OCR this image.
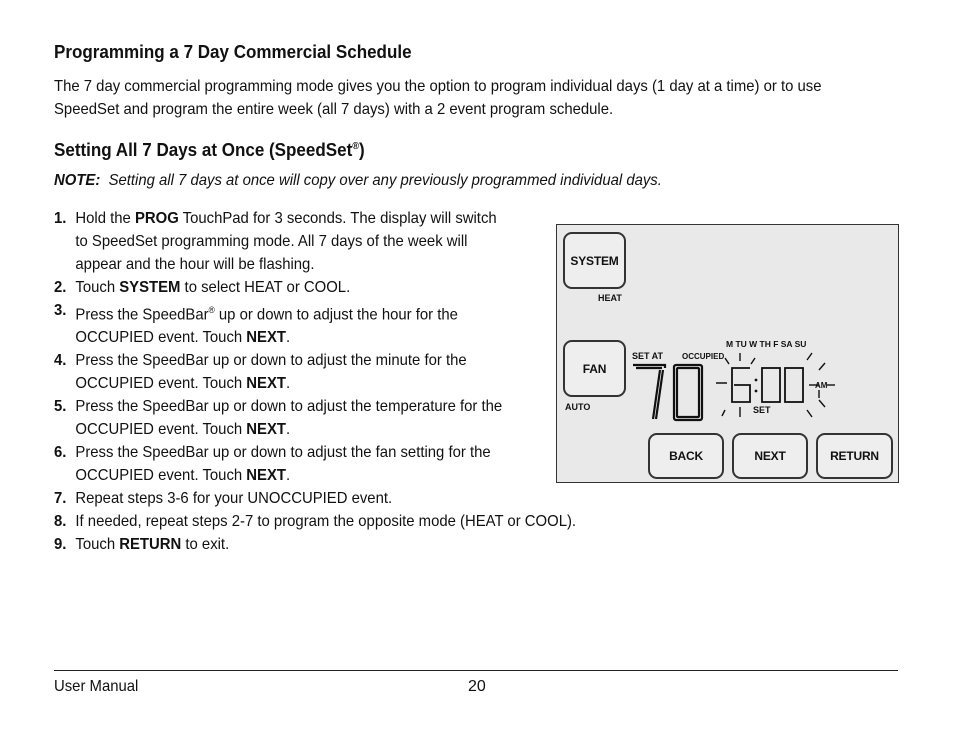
Programming a 7 Day Commercial Schedule
The 7 day commercial programming mode gives you the option to program individual days (1 day at a time) or to use SpeedSet and program the entire week (all 7 days) with a 2 event program schedule.
Setting All 7 Days at Once (SpeedSet®)
NOTE: Setting all 7 days at once will copy over any previously programmed individual days.
1. Hold the PROG TouchPad for 3 seconds. The display will switch to SpeedSet programming mode. All 7 days of the week will appear and the hour will be flashing.
2. Touch SYSTEM to select HEAT or COOL.
3. Press the SpeedBar® up or down to adjust the hour for the OCCUPIED event. Touch NEXT.
4. Press the SpeedBar up or down to adjust the minute for the OCCUPIED event. Touch NEXT.
5. Press the SpeedBar up or down to adjust the temperature for the OCCUPIED event. Touch NEXT.
6. Press the SpeedBar up or down to adjust the fan setting for the OCCUPIED event. Touch NEXT.
7. Repeat steps 3-6 for your UNOCCUPIED event.
8. If needed, repeat steps 2-7 to program the opposite mode (HEAT or COOL).
9. Touch RETURN to exit.
SYSTEM
HEAT
FAN
AUTO
SET AT OCCUPIED
M TU W TH F SA SU
AM
SET
BACK	NEXT	RETURN
User Manual	20
